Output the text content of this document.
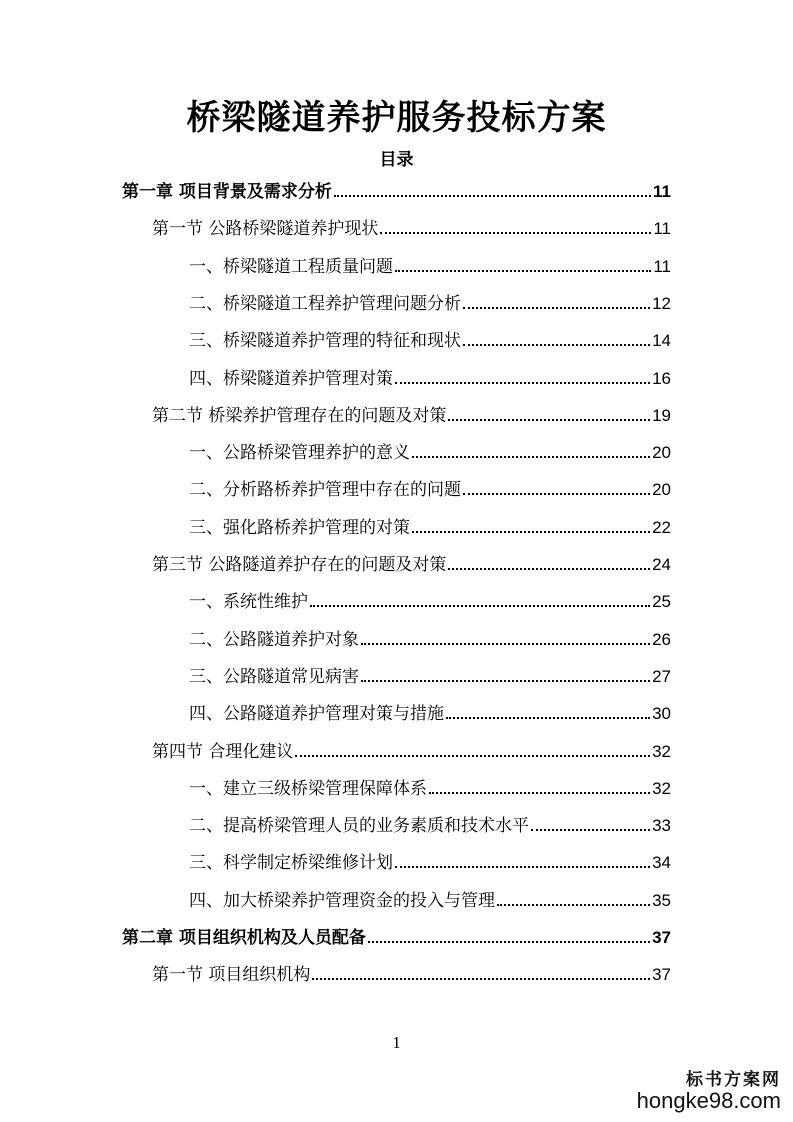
桥梁隧道养护服务投标方案
目录
第一章 项目背景及需求分析	11
第一节 公路桥梁隧道养护现状	11
一、桥梁隧道工程质量问题	11
二、桥梁隧道工程养护管理问题分析	12
三、桥梁隧道养护管理的特征和现状	14
四、桥梁隧道养护管理对策	16
第二节 桥梁养护管理存在的问题及对策	19
一、公路桥梁管理养护的意义	20
二、分析路桥养护管理中存在的问题	20
三、强化路桥养护管理的对策	22
第三节 公路隧道养护存在的问题及对策	24
一、系统性维护	25
二、公路隧道养护对象	26
三、公路隧道常见病害	27
四、公路隧道养护管理对策与措施	30
第四节 合理化建议	32
一、建立三级桥梁管理保障体系	32
二、提高桥梁管理人员的业务素质和技术水平	33
三、科学制定桥梁维修计划	34
四、加大桥梁养护管理资金的投入与管理	35
第二章 项目组织机构及人员配备	37
第一节 项目组织机构	37
1
标书方案网
hongke98.com
